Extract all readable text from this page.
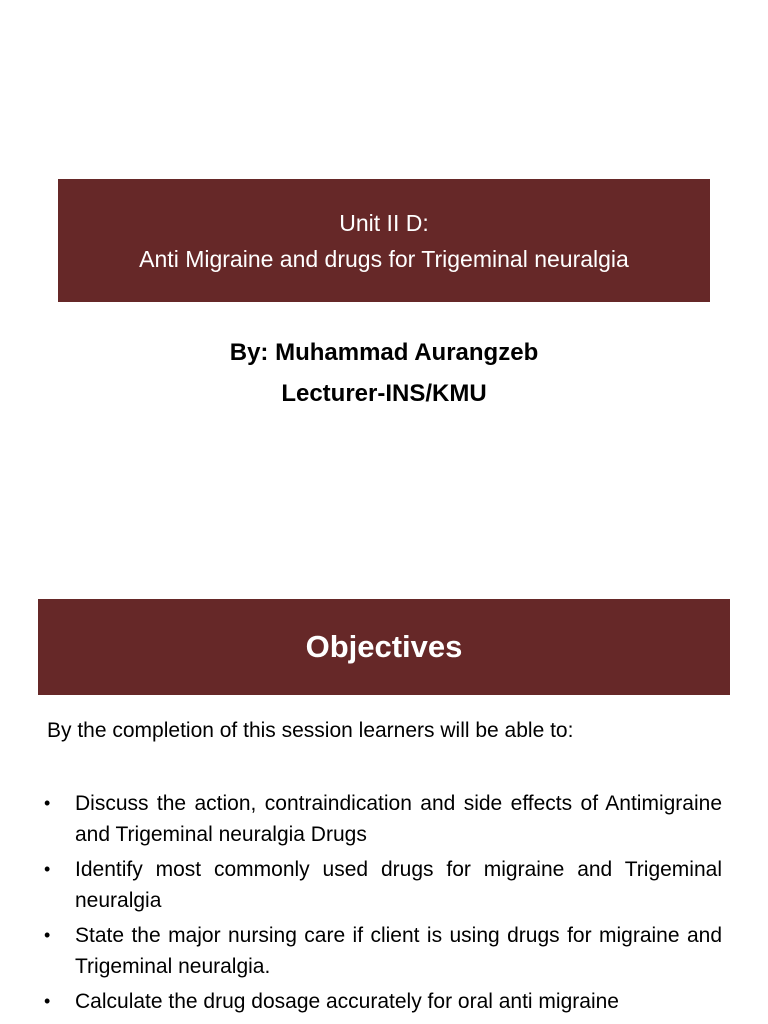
Unit II D:
Anti Migraine and drugs for Trigeminal neuralgia
By: Muhammad Aurangzeb
Lecturer-INS/KMU
Objectives
By the completion of this session learners will be able to:
• Discuss the action, contraindication and side effects of Antimigraine and Trigeminal neuralgia Drugs
• Identify most commonly used drugs for migraine and Trigeminal neuralgia
• State the major nursing care if client is using drugs for migraine and Trigeminal neuralgia.
• Calculate the drug dosage accurately for oral anti migraine
